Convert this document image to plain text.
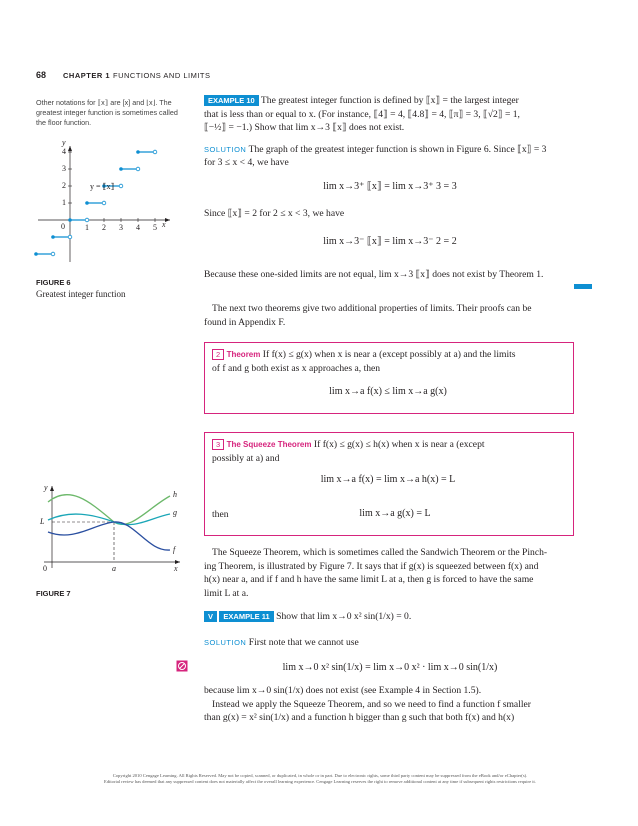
68 CHAPTER 1 FUNCTIONS AND LIMITS
Other notations for ⟦x⟧ are [x] and ⌊x⌋. The
greatest integer function is sometimes called
the floor function.
y = ⟦x⟧
y
x
0	1 2 3 4 5
1
2
3
4
FIGURE 6
Greatest integer function
EXAMPLE 10 The greatest integer function is defined by ⟦x⟧ = the largest integer
that is less than or equal to x. (For instance, ⟦4⟧ = 4, ⟦4.8⟧ = 4, ⟦π⟧ = 3, ⟦√2⟧ = 1,
⟦−½⟧ = −1.) Show that lim x→3 ⟦x⟧ does not exist.
SOLUTION The graph of the greatest integer function is shown in Figure 6. Since ⟦x⟧ = 3
for 3 ≤ x < 4, we have
lim x→3⁺ ⟦x⟧ = lim x→3⁺ 3 = 3
Since ⟦x⟧ = 2 for 2 ≤ x < 3, we have
lim x→3⁻ ⟦x⟧ = lim x→3⁻ 2 = 2
Because these one-sided limits are not equal, lim x→3 ⟦x⟧ does not exist by Theorem 1.
The next two theorems give two additional properties of limits. Their proofs can be
found in Appendix F.
2 Theorem If f(x) ≤ g(x) when x is near a (except possibly at a) and the limits
of f and g both exist as x approaches a, then
lim x→a f(x) ≤ lim x→a g(x)
3 The Squeeze Theorem If f(x) ≤ g(x) ≤ h(x) when x is near a (except
possibly at a) and
lim x→a f(x) = lim x→a h(x) = L
then	lim x→a g(x) = L
y
x
0	a
L
h
g
f
FIGURE 7
The Squeeze Theorem, which is sometimes called the Sandwich Theorem or the Pinch-
ing Theorem, is illustrated by Figure 7. It says that if g(x) is squeezed between f(x) and
h(x) near a, and if f and h have the same limit L at a, then g is forced to have the same
limit L at a.
V EXAMPLE 11 Show that lim x→0 x² sin(1/x) = 0.
SOLUTION First note that we cannot use
lim x→0 x² sin(1/x) = lim x→0 x² · lim x→0 sin(1/x)
because lim x→0 sin(1/x) does not exist (see Example 4 in Section 1.5).
Instead we apply the Squeeze Theorem, and so we need to find a function f smaller
than g(x) = x² sin(1/x) and a function h bigger than g such that both f(x) and h(x)
Copyright 2010 Cengage Learning. All Rights Reserved. May not be copied, scanned, or duplicated, in whole or in part. Due to electronic rights, some third party content may be suppressed from the eBook and/or eChapter(s).
Editorial review has deemed that any suppressed content does not materially affect the overall learning experience. Cengage Learning reserves the right to remove additional content at any time if subsequent rights restrictions require it.
